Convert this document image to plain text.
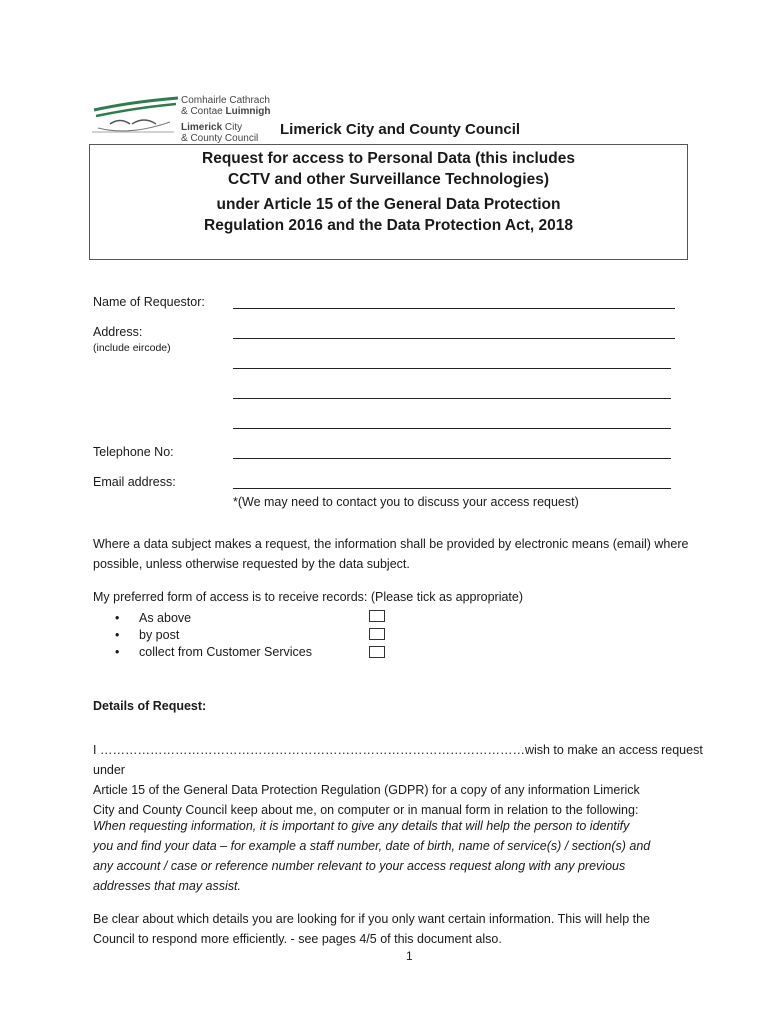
Comhairle Cathrach
& Contae Luimnigh
Limerick City
& County Council
Limerick City and County Council
Request for access to Personal Data (this includes
CCTV and other Surveillance Technologies)
under Article 15 of the General Data Protection
Regulation 2016 and the Data Protection Act, 2018
Name of Requestor:
Address:
(include eircode)
Telephone No:
Email address:
*(We may need to contact you to discuss your access request)
Where a data subject makes a request, the information shall be provided by electronic means (email) where possible, unless otherwise requested by the data subject.
My preferred form of access is to receive records: (Please tick as appropriate)
• As above
• by post
• collect from Customer Services
Details of Request:
I …………………………………………………………………………………………wish to make an access request under
Article 15 of the General Data Protection Regulation (GDPR) for a copy of any information Limerick
City and County Council keep about me, on computer or in manual form in relation to the following:
When requesting information, it is important to give any details that will help the person to identify
you and find your data – for example a staff number, date of birth, name of service(s) / section(s) and
any account / case or reference number relevant to your access request along with any previous
addresses that may assist.
Be clear about which details you are looking for if you only want certain information. This will help the
Council to respond more efficiently. - see pages 4/5 of this document also.
1
